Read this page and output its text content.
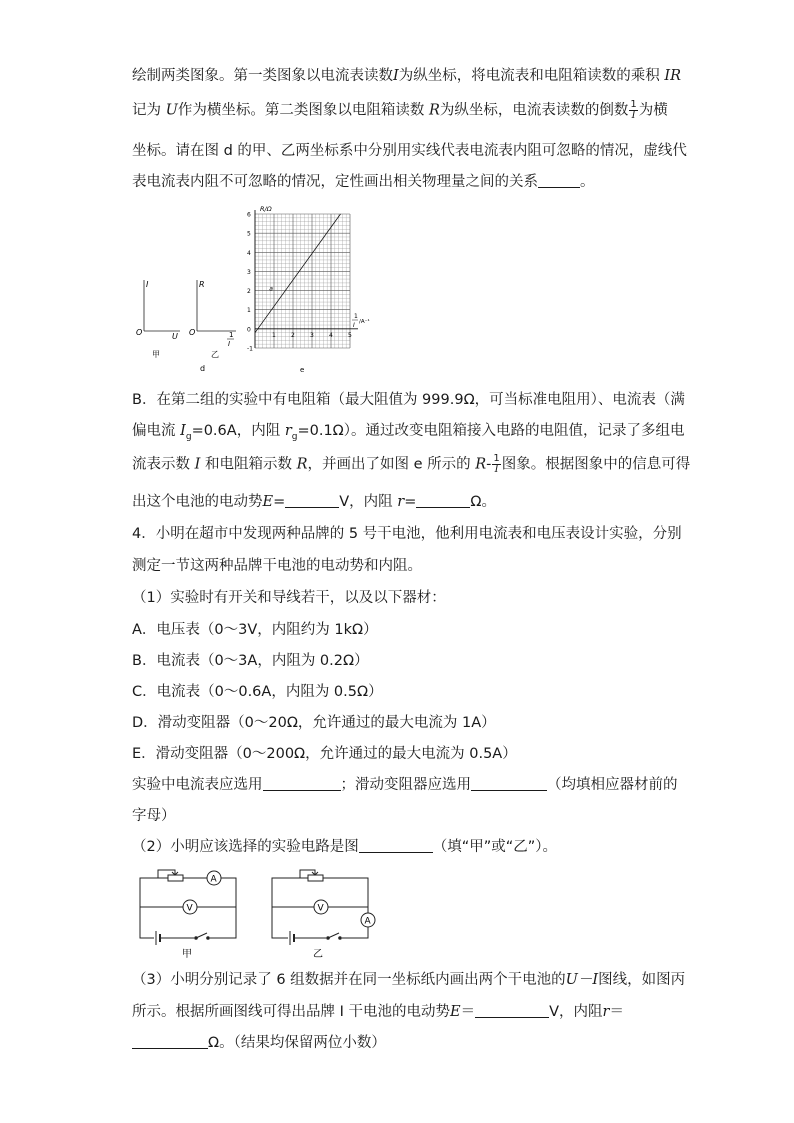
绘制两类图象。第一类图象以电流表读数I为纵坐标，将电流表和电阻箱读数的乘积 IR
记为 U作为横坐标。第二类图象以电阻箱读数 R为纵坐标，电流表读数的倒数 $\frac{1}{I}$ 为横
坐标。请在图 d 的甲、乙两坐标系中分别用实线代表电流表内阻可忽略的情况，虚线代
表电流表内阻不可忽略的情况，定性画出相关物理量之间的关系	。
I
O	U
R
O	1
I
甲	乙
d
6
5
4
3
2
1
0
-1
1	2	3	4	5
a
R/Ω
1
I /A⁻¹
e
B．在第二组的实验中有电阻箱（最大阻值为 999.9Ω，可当标准电阻用）、电流表（满
偏电流 $I_g=0.6A$，内阻 $r_g=0.1\Omega$）。通过改变电阻箱接入电路的电阻值，记录了多组电
流表示数 I 和电阻箱示数 R，并画出了如图 e 所示的 $R- \frac{1}{I}$ 图象。根据图象中的信息可得
出这个电池的电动势E=	V，内阻 r=	Ω。
4．小明在超市中发现两种品牌的 5 号干电池，他利用电流表和电压表设计实验，分别
测定一节这两种品牌干电池的电动势和内阻。
（1）实验时有开关和导线若干，以及以下器材：
A．电压表（0～3V，内阻约为 1kΩ）
B．电流表（0～3A，内阻为 0.2Ω）
C．电流表（0～0.6A，内阻为 0.5Ω）
D．滑动变阻器（0～20Ω，允许通过的最大电流为 1A）
E．滑动变阻器（0～200Ω，允许通过的最大电流为 0.5A）
实验中电流表应选用	；滑动变阻器应选用	（均填相应器材前的
字母）
（2）小明应该选择的实验电路是图	（填“甲”或“乙”）。
A
V	V
A
甲	乙
（3）小明分别记录了 6 组数据并在同一坐标纸内画出两个干电池的U－I图线，如图丙
所示。根据所画图线可得出品牌 I 干电池的电动势E＝	V，内阻r＝
Ω。（结果均保留两位小数）
